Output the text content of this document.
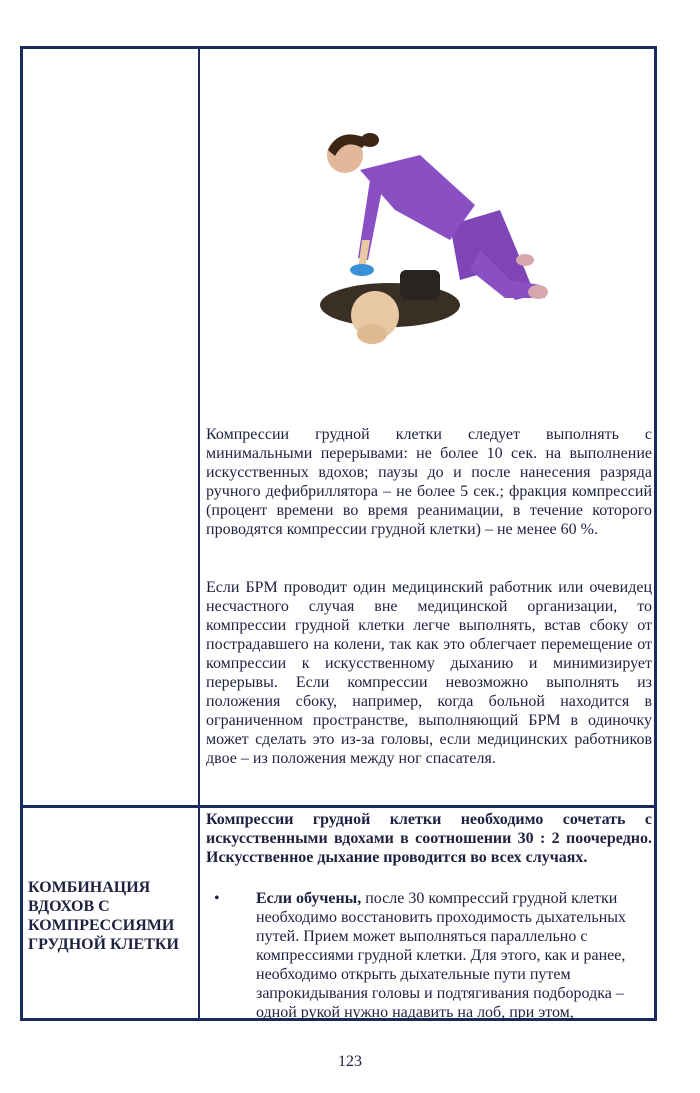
Компрессии грудной клетки следует выполнять с минимальными перерывами: не более 10 сек. на выполнение искусственных вдохов; паузы до и после нанесения разряда ручного дефибриллятора – не более 5 сек.; фракция компрессий (процент времени во время реанимации, в течение которого проводятся компрессии грудной клетки) – не менее 60 %.
Если БРМ проводит один медицинский работник или очевидец несчастного случая вне медицинской организации, то компрессии грудной клетки легче выполнять, встав сбоку от пострадавшего на колени, так как это облегчает перемещение от компрессии к искусственному дыханию и минимизирует перерывы. Если компрессии невозможно выполнять из положения сбоку, например, когда больной находится в ограниченном пространстве, выполняющий БРМ в одиночку может сделать это из-за головы, если медицинских работников двое – из положения между ног спасателя.
КОМБИНАЦИЯ ВДОХОВ С КОМПРЕССИЯМИ ГРУДНОЙ КЛЕТКИ
Компрессии грудной клетки необходимо сочетать с искусственными вдохами в соотношении 30 : 2 поочередно. Искусственное дыхание проводится во всех случаях.
•	Если обучены, после 30 компрессий грудной клетки необходимо восстановить проходимость дыхательных путей. Прием может выполняться параллельно с компрессиями грудной клетки. Для этого, как и ранее, необходимо открыть дыхательные пути путем запрокидывания головы и подтягивания подбородка – одной рукой нужно надавить на лоб, при этом,
123
